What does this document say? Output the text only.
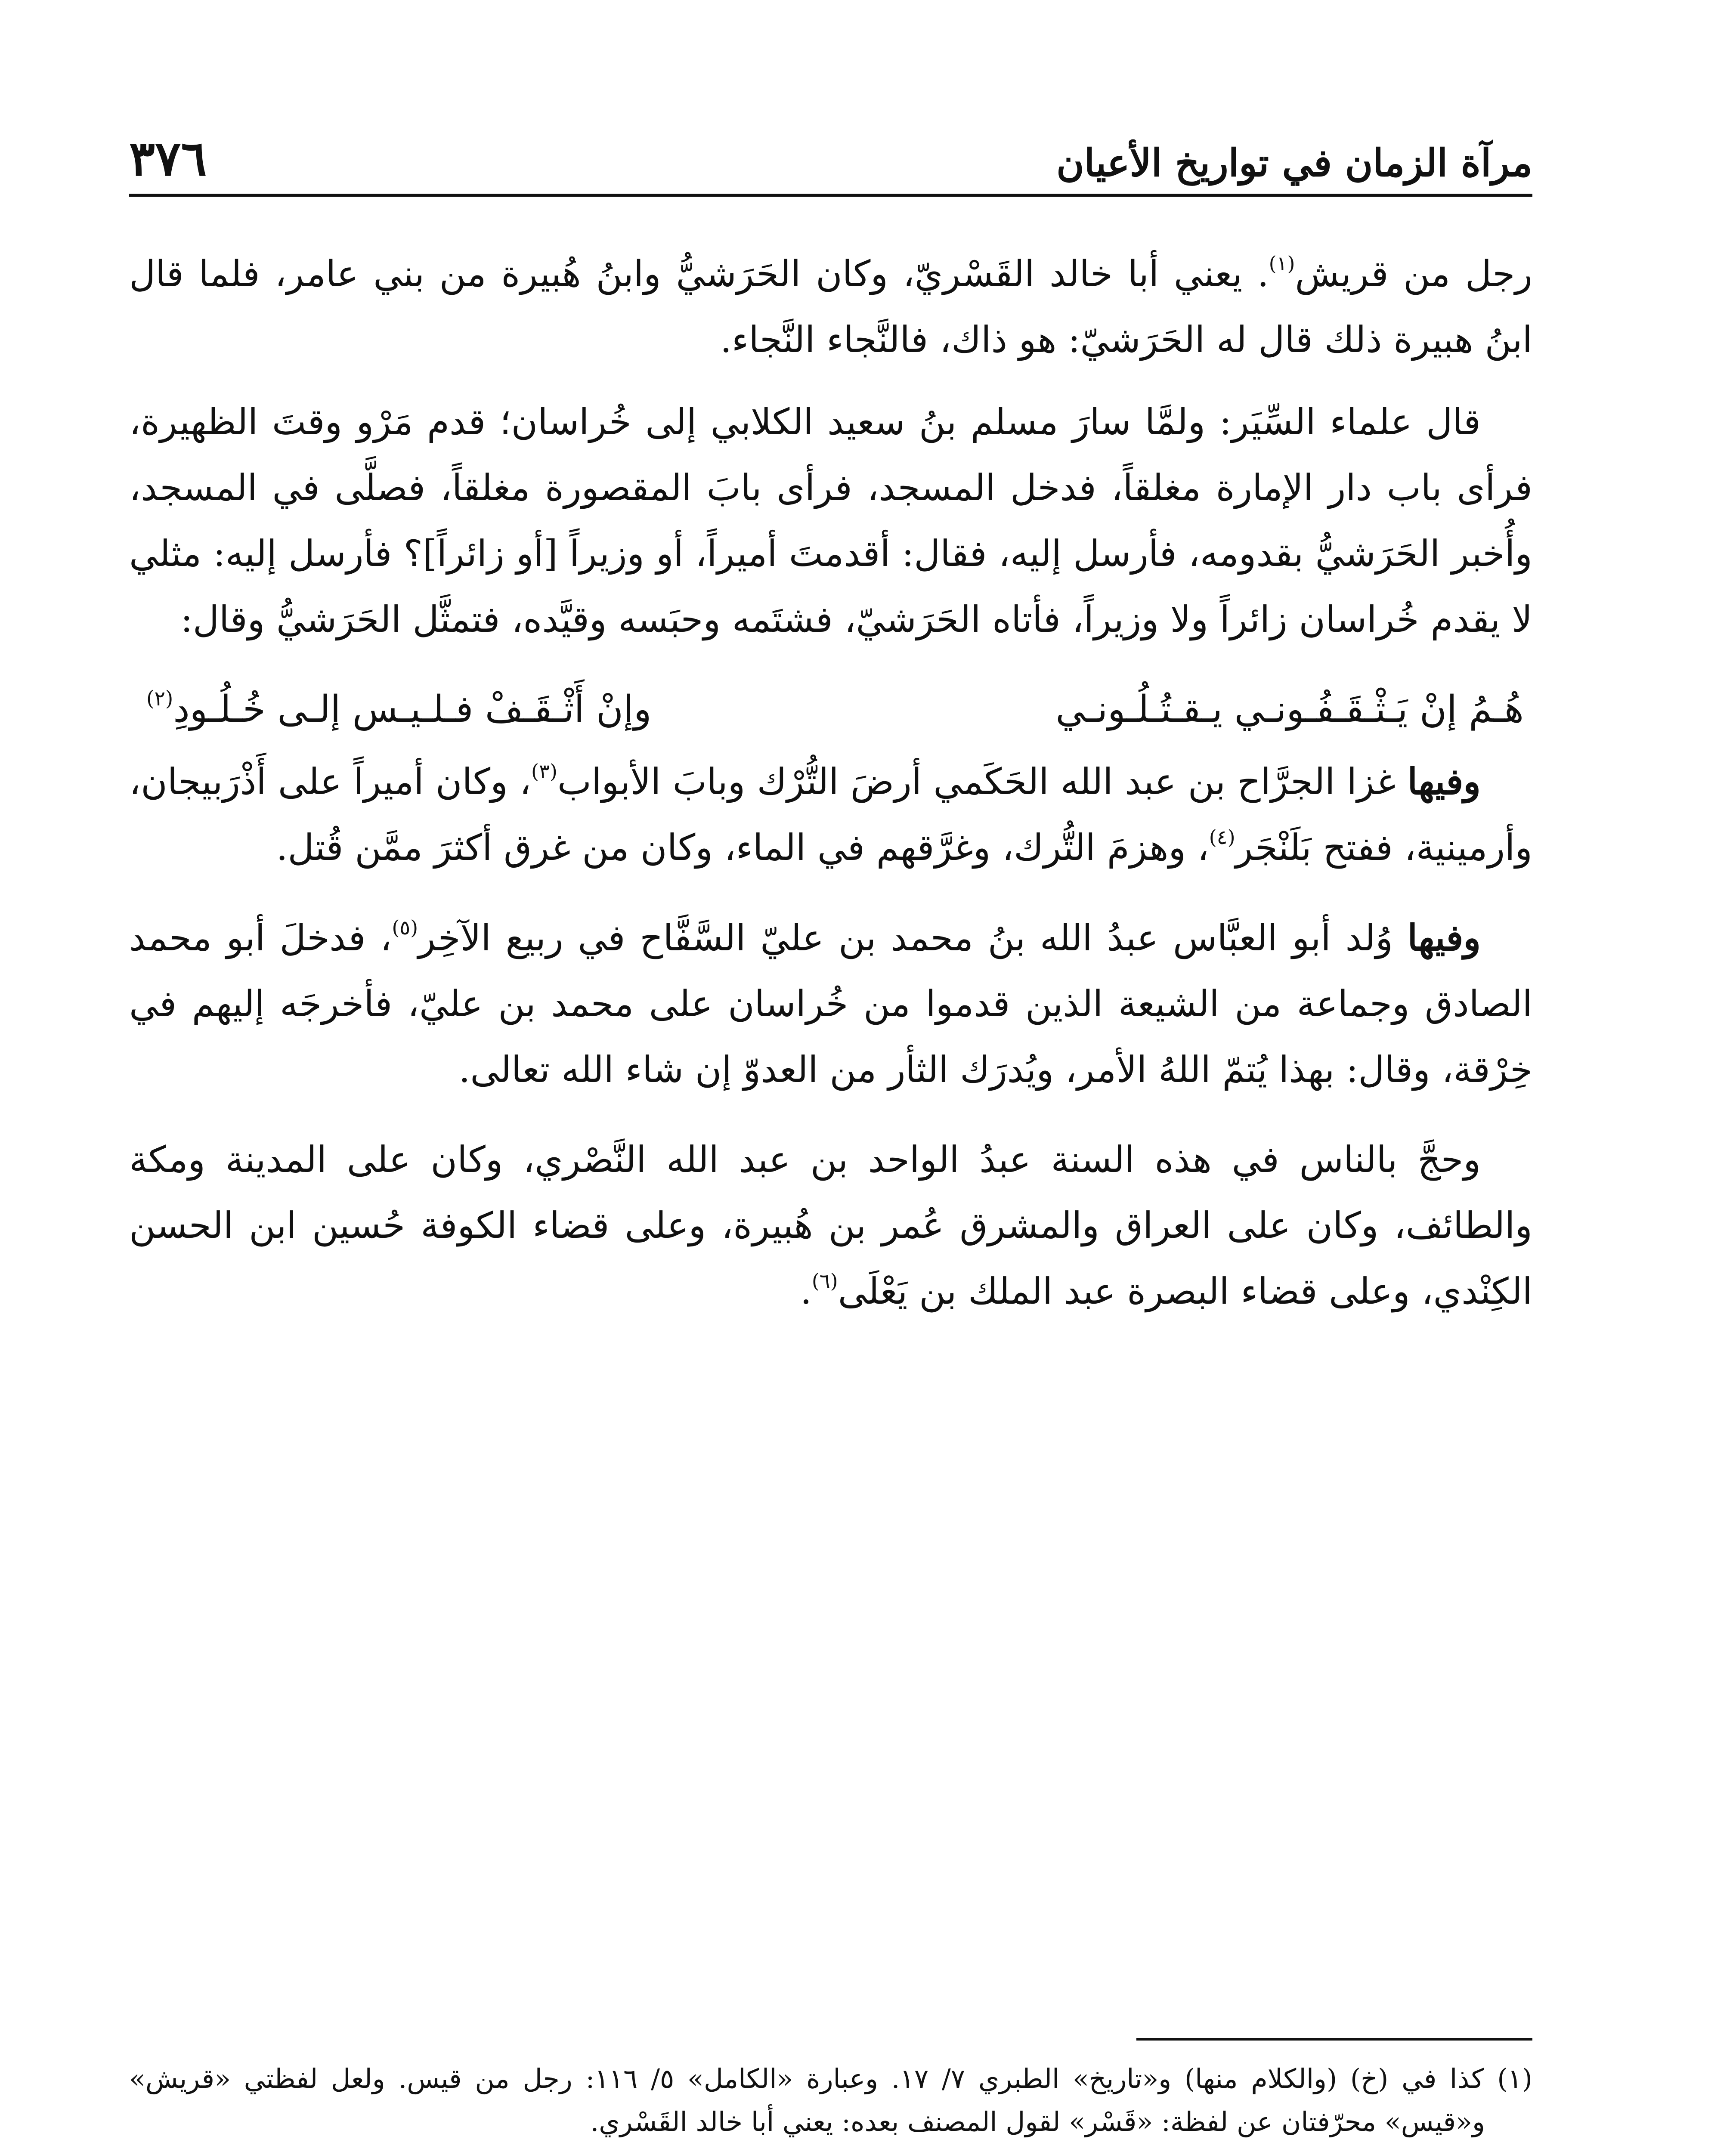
٣٧٦	مرآة الزمان في تواريخ الأعيان

رجل من قريش$^{(١)}$. يعني أبا خالد القَسْريّ، وكان الحَرَشيُّ وابنُ هُبيرة من بني عامر، فلما قال ابنُ هبيرة ذلك قال له الحَرَشيّ: هو ذاك، فالنَّجاء النَّجاء.

قال علماء السِّيَر: ولمَّا سارَ مسلم بنُ سعيد الكلابي إلى خُراسان؛ قدم مَرْو وقتَ الظهيرة، فرأى باب دار الإمارة مغلقاً، فدخل المسجد، فرأى بابَ المقصورة مغلقاً، فصلَّى في المسجد، وأُخبر الحَرَشيُّ بقدومه، فأرسل إليه، فقال: أقدمتَ أميراً، أو وزيراً [أو زائراً]؟ فأرسل إليه: مثلي لا يقدم خُراسان زائراً ولا وزيراً، فأتاه الحَرَشيّ، فشتَمه وحبَسه وقيَّده، فتمثَّل الحَرَشيُّ وقال:

هُـمُ إنْ يَـثْـقَـفُـونـي يـقـتُـلُـونـي
وإنْ أَثْـقَـفْ فـلـيـس إلـى خُـلُـودِ$^{(٢)}$

وفيها غزا الجرَّاح بن عبد الله الحَكَمي أرضَ التُّرْك وبابَ الأبواب$^{(٣)}$، وكان أميراً على أَذْرَبيجان، وأرمينية، ففتح بَلَنْجَر$^{(٤)}$، وهزمَ التُّرك، وغرَّقهم في الماء، وكان من غرق أكثرَ ممَّن قُتل.

وفيها وُلد أبو العبَّاس عبدُ الله بنُ محمد بن عليّ السَّفَّاح في ربيع الآخِر$^{(٥)}$، فدخلَ أبو محمد الصادق وجماعة من الشيعة الذين قدموا من خُراسان على محمد بن عليّ، فأخرجَه إليهم في خِرْقة، وقال: بهذا يُتمّ اللهُ الأمر، ويُدرَك الثأر من العدوّ إن شاء الله تعالى.

وحجَّ بالناس في هذه السنة عبدُ الواحد بن عبد الله النَّصْري، وكان على المدينة ومكة والطائف، وكان على العراق والمشرق عُمر بن هُبيرة، وعلى قضاء الكوفة حُسين ابن الحسن الكِنْدي، وعلى قضاء البصرة عبد الملك بن يَعْلَى$^{(٦)}$.

(١) كذا في (خ) (والكلام منها) و«تاريخ» الطبري ٧/ ١٧. وعبارة «الكامل» ٥/ ١١٦: رجل من قيس. ولعل لفظتي «قريش» و«قيس» محرّفتان عن لفظة: «قَسْر» لقول المصنف بعده: يعني أبا خالد القَسْري.
